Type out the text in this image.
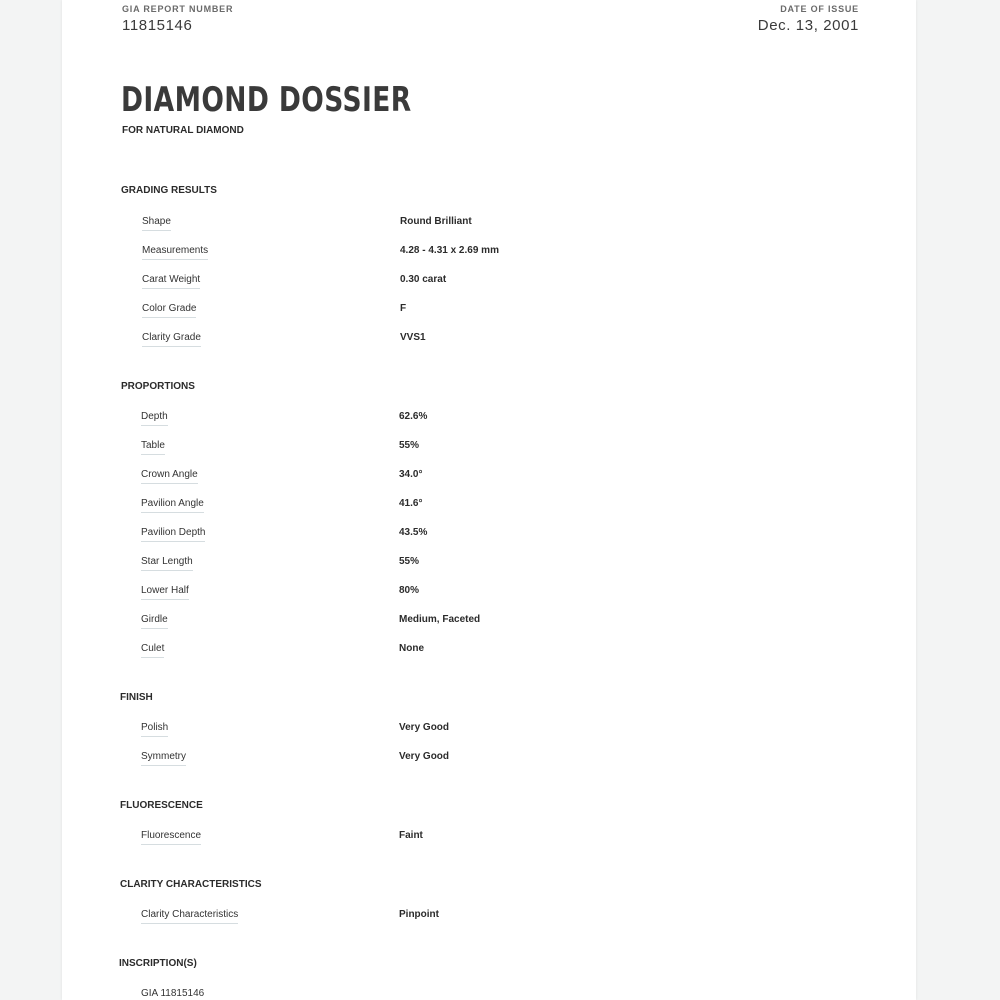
GIA REPORT NUMBER
11815146
DATE OF ISSUE
Dec. 13, 2001
DIAMOND DOSSIER
FOR NATURAL DIAMOND
GRADING RESULTS
Shape	Round Brilliant
Measurements	4.28 - 4.31 x 2.69 mm
Carat Weight	0.30 carat
Color Grade	F
Clarity Grade	VVS1
PROPORTIONS
Depth	62.6%
Table	55%
Crown Angle	34.0°
Pavilion Angle	41.6°
Pavilion Depth	43.5%
Star Length	55%
Lower Half	80%
Girdle	Medium, Faceted
Culet	None
FINISH
Polish	Very Good
Symmetry	Very Good
FLUORESCENCE
Fluorescence	Faint
CLARITY CHARACTERISTICS
Clarity Characteristics	Pinpoint
INSCRIPTION(S)
GIA 11815146
